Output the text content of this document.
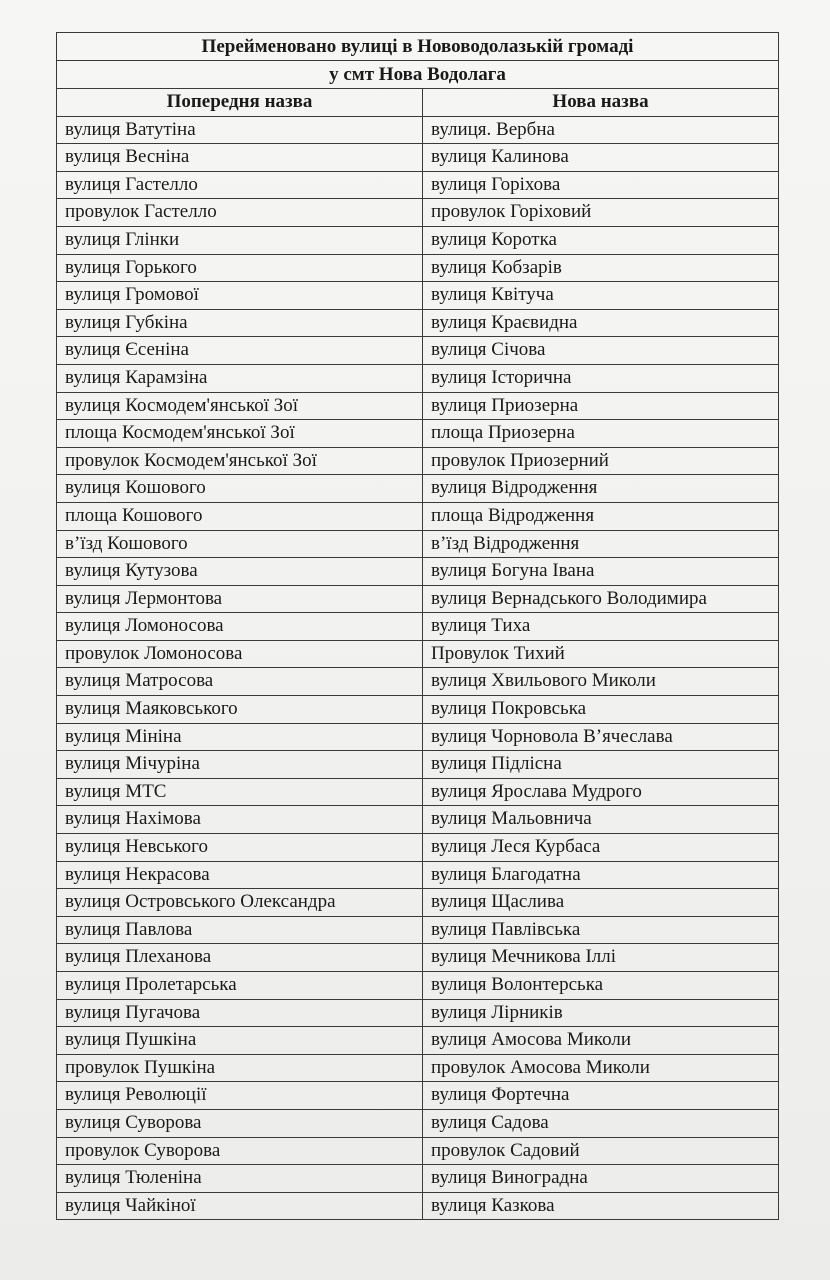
Перейменовано вулиці в Нововодолазькій громаді	
у смт Нова Водолага	
Попередня назва	Нова назва
вулиця Ватутіна	вулиця. Вербна
вулиця Весніна	вулиця Калинова
вулиця Гастелло	вулиця Горіхова
провулок Гастелло	провулок Горіховий
вулиця Глінки	вулиця Коротка
вулиця Горького	вулиця Кобзарів
вулиця Громової	вулиця Квітуча
вулиця Губкіна	вулиця Краєвидна
вулиця Єсеніна	вулиця Січова
вулиця Карамзіна	вулиця Історична
вулиця Космодем'янської Зої	вулиця Приозерна
площа Космодем'янської Зої	площа Приозерна
провулок Космодем'янської Зої	провулок Приозерний
вулиця Кошового	вулиця Відродження
площа Кошового	площа Відродження
в’їзд Кошового	в’їзд Відродження
вулиця Кутузова	вулиця Богуна Івана
вулиця Лермонтова	вулиця Вернадського Володимира
вулиця Ломоносова	вулиця Тиха
провулок Ломоносова	Провулок Тихий
вулиця Матросова	вулиця Хвильового Миколи
вулиця Маяковського	вулиця Покровська
вулиця Мініна	вулиця Чорновола В’ячеслава
вулиця Мічуріна	вулиця Підлісна
вулиця МТС	вулиця Ярослава Мудрого
вулиця Нахімова	вулиця Мальовнича
вулиця Невського	вулиця Леся Курбаса
вулиця Некрасова	вулиця Благодатна
вулиця Островського Олександра	вулиця Щаслива
вулиця Павлова	вулиця Павлівська
вулиця Плеханова	вулиця Мечникова Іллі
вулиця Пролетарська	вулиця Волонтерська
вулиця Пугачова	вулиця Лірників
вулиця Пушкіна	вулиця Амосова Миколи
провулок Пушкіна	провулок Амосова Миколи
вулиця Революції	вулиця Фортечна
вулиця Суворова	вулиця Садова
провулок Суворова	провулок Садовий
вулиця Тюленіна	вулиця Виноградна
вулиця Чайкіної	вулиця Казкова
